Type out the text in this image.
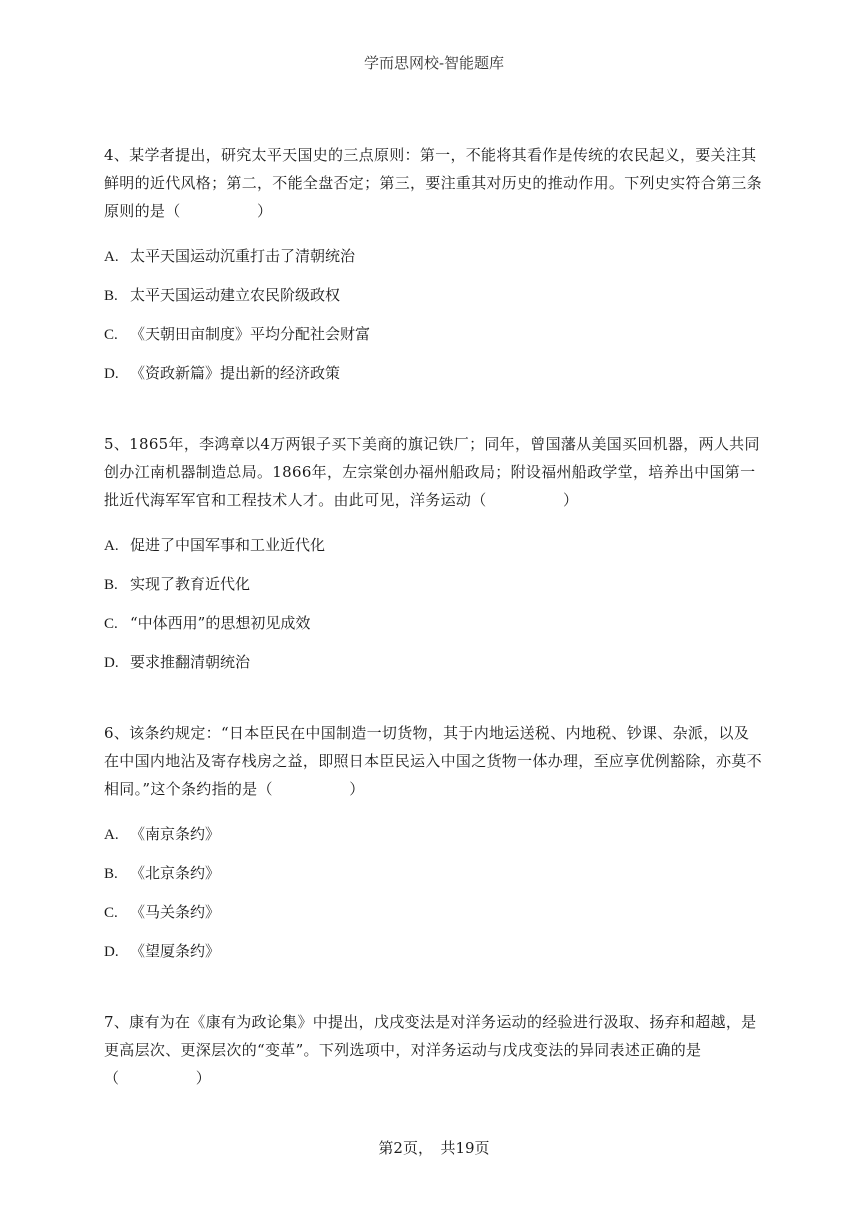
学而思网校-智能题库

4、某学者提出，研究太平天国史的三点原则：第一，不能将其看作是传统的农民起义，要关注其鲜明的近代风格；第二，不能全盘否定；第三，要注重其对历史的推动作用。下列史实符合第三条原则的是（　　　　　）

A. 太平天国运动沉重打击了清朝统治
B. 太平天国运动建立农民阶级政权
C. 《天朝田亩制度》平均分配社会财富
D. 《资政新篇》提出新的经济政策

5、1865年，李鸿章以4万两银子买下美商的旗记铁厂；同年，曾国藩从美国买回机器，两人共同创办江南机器制造总局。1866年，左宗棠创办福州船政局；附设福州船政学堂，培养出中国第一批近代海军军官和工程技术人才。由此可见，洋务运动（　　　　　）

A. 促进了中国军事和工业近代化
B. 实现了教育近代化
C. “中体西用”的思想初见成效
D. 要求推翻清朝统治

6、该条约规定：“日本臣民在中国制造一切货物，其于内地运送税、内地税、钞课、杂派，以及在中国内地沾及寄存栈房之益，即照日本臣民运入中国之货物一体办理，至应享优例豁除，亦莫不相同。”这个条约指的是（　　　　　）

A. 《南京条约》
B. 《北京条约》
C. 《马关条约》
D. 《望厦条约》

7、康有为在《康有为政论集》中提出，戊戌变法是对洋务运动的经验进行汲取、扬弃和超越，是更高层次、更深层次的“变革”。下列选项中，对洋务运动与戊戌变法的异同表述正确的是（　　　　　）

第2页，　共19页
